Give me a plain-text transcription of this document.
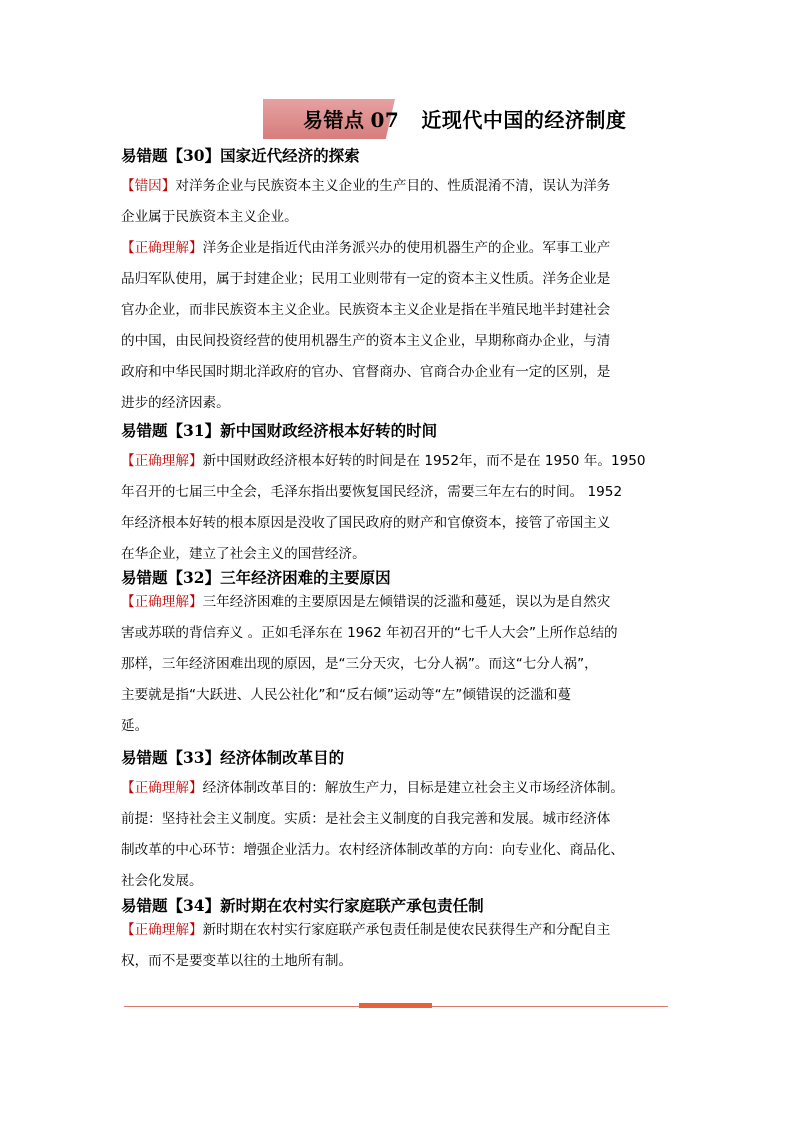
易错点 07 近现代中国的经济制度
易错题【30】国家近代经济的探索
【错因】对洋务企业与民族资本主义企业的生产目的、性质混淆不清，误认为洋务
企业属于民族资本主义企业。
【正确理解】洋务企业是指近代由洋务派兴办的使用机器生产的企业。军事工业产
品归军队使用，属于封建企业；民用工业则带有一定的资本主义性质。洋务企业是
官办企业，而非民族资本主义企业。民族资本主义企业是指在半殖民地半封建社会
的中国，由民间投资经营的使用机器生产的资本主义企业，早期称商办企业，与清
政府和中华民国时期北洋政府的官办、官督商办、官商合办企业有一定的区别，是
进步的经济因素。
易错题【31】新中国财政经济根本好转的时间
【正确理解】新中国财政经济根本好转的时间是在 1952年，而不是在 1950 年。1950
年召开的七届三中全会，毛泽东指出要恢复国民经济，需要三年左右的时间。 1952
年经济根本好转的根本原因是没收了国民政府的财产和官僚资本，接管了帝国主义
在华企业，建立了社会主义的国营经济。
易错题【32】三年经济困难的主要原因
【正确理解】三年经济困难的主要原因是左倾错误的泛滥和蔓延，误以为是自然灾
害或苏联的背信弃义 。正如毛泽东在 1962 年初召开的“七千人大会”上所作总结的
那样，三年经济困难出现的原因，是“三分天灾，七分人祸”。而这“七分人祸”，
主要就是指“大跃进、人民公社化”和“反右倾”运动等“左”倾错误的泛滥和蔓
延。
易错题【33】经济体制改革目的
【正确理解】经济体制改革目的：解放生产力，目标是建立社会主义市场经济体制。
前提：坚持社会主义制度。实质：是社会主义制度的自我完善和发展。城市经济体
制改革的中心环节：增强企业活力。农村经济体制改革的方向：向专业化、商品化、
社会化发展。
易错题【34】新时期在农村实行家庭联产承包责任制
【正确理解】新时期在农村实行家庭联产承包责任制是使农民获得生产和分配自主
权，而不是要变革以往的土地所有制。
